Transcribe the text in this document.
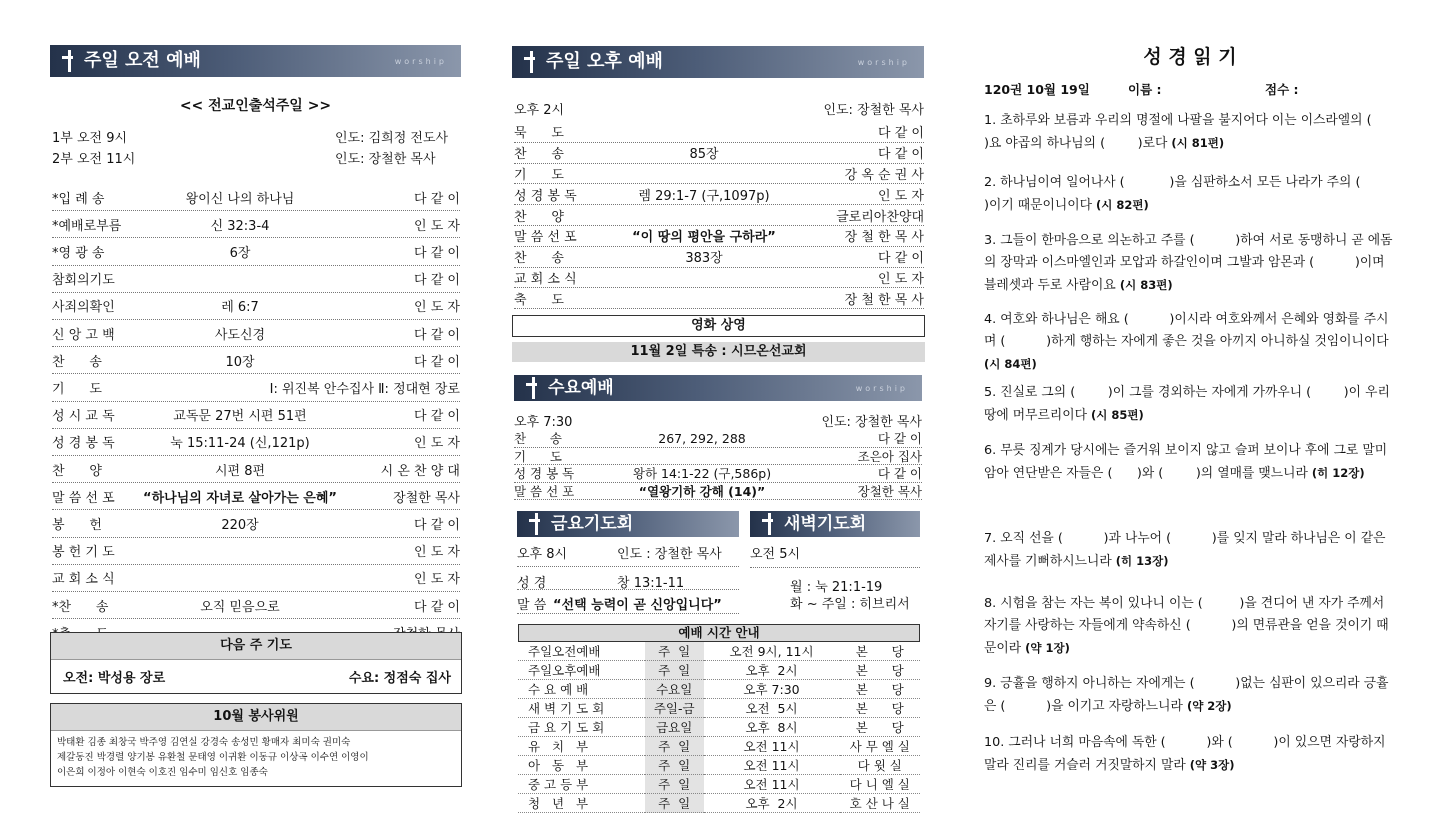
주일 오전 예배	worship
<< 전교인출석주일 >>
1부 오전 9시	인도: 김희정 전도사
2부 오전 11시	인도: 장철한 목사
*입 례 송	왕이신 나의 하나님	다 같 이
*예배로부름	신 32:3-4	인 도 자
*영 광 송	6장	다 같 이
참회의기도	다 같 이
사죄의확인	레 6:7	인 도 자
신 앙 고 백	사도신경	다 같 이
찬      송	10장	다 같 이
기      도	Ⅰ: 위진복 안수집사 Ⅱ: 정대현 장로
성 시 교 독	교독문 27번 시편 51편	다 같 이
성 경 봉 독	눅 15:11-24 (신,121p)	인 도 자
찬      양	시편 8편	시 온 찬 양 대
말 씀 선 포	“하나님의 자녀로 살아가는 은혜”	장철한 목사
봉      헌	220장	다 같 이
봉 헌 기 도	인 도 자
교 회 소 식	인 도 자
*찬      송	오직 믿음으로	다 같 이
다음 주 기도
오전: 박성용 장로	수요: 정점숙 집사
10월 봉사위원
박태환 김종 최창국 박주영 김연실 강경숙 송성민 황매자 최미숙 권미숙
제갈동진 박경렬 양기봉 유환철 문태영 이귀환 이동규 이상곡 이수연 이영이
이은희 이정아 이현숙 이호진 임수미 임신호 임종숙
주일 오후 예배	worship
오후 2시	인도: 장철한 목사
묵      도	다 같 이
찬      송	85장	다 같 이
기      도	강 옥 순 권 사
성 경 봉 독	렘 29:1-7 (구,1097p)	인 도 자
찬      양	글로리아찬양대
말 씀 선 포	“이 땅의 평안을 구하라”	장 철 한 목 사
찬      송	383장	다 같 이
교 회 소 식	인 도 자
축      도	장 철 한 목 사
영화 상영
11월 2일 특송 : 시므온선교회
수요예배	worship
오후 7:30	인도: 장철한 목사
찬      송	267, 292, 288	다 같 이
기      도	조은아 집사
성 경 봉 독	왕하 14:1-22 (구,586p)	다 같 이
말 씀 선 포	“열왕기하 강해 (14)”	장철한 목사
금요기도회
오후 8시	인도 : 장철한 목사
성 경	창 13:1-11
말 씀 “선택 능력이 곧 신앙입니다”
새벽기도회
오전 5시
월 : 눅 21:1-19
화 ~ 주일 : 히브리서
예배 시간 안내
주일오전예배	주  일	오전 9시, 11시	본      당
주일오후예배	주  일	오후  2시	본      당
수 요 예 배	수요일	오후 7:30	본      당
새 벽 기 도 회	주일-금	오전  5시	본      당
금 요 기 도 회	금요일	오후  8시	본      당
유   치   부	주  일	오전 11시	사 무 엘 실
아   동   부	주  일	오전 11시	다 윗 실
중 고 등 부	주  일	오전 11시	다 니 엘 실
청   년   부	주  일	오후  2시	호 산 나 실
성 경 읽 기
120권 10월 19일	이름 :	점수 :
1. 초하루와 보름과 우리의 명절에 나팔을 불지어다 이는 이스라엘의 (        )요 야곱의 하나님의 (        )로다 (시 81편)
2. 하나님이여 일어나사 (           )을 심판하소서 모든 나라가 주의 (        )이기 때문이니이다 (시 82편)
3. 그들이 한마음으로 의논하고 주를 (          )하여 서로 동맹하니 곧 에돔의 장막과 이스마엘인과 모압과 하갈인이며 그발과 암몬과 (          )이며 블레셋과 두로 사람이요 (시 83편)
4. 여호와 하나님은 해요 (          )이시라 여호와께서 은혜와 영화를 주시며 (          )하게 행하는 자에게 좋은 것을 아끼지 아니하실 것임이니이다 (시 84편)
5. 진실로 그의 (        )이 그를 경외하는 자에게 가까우니 (        )이 우리 땅에 머무르리이다 (시 85편)
6. 무릇 징계가 당시에는 즐거워 보이지 않고 슬퍼 보이나 후에 그로 말미암아 연단받은 자들은 (      )와 (        )의 열매를 맺느니라 (히 12장)
7. 오직 선을 (          )과 나누어 (          )를 잊지 말라 하나님은 이 같은 제사를 기뻐하시느니라 (히 13장)
8. 시험을 참는 자는 복이 있나니 이는 (         )을 견디어 낸 자가 주께서 자기를 사랑하는 자들에게 약속하신 (          )의 면류관을 얻을 것이기 때문이라 (약 1장)
9. 긍휼을 행하지 아니하는 자에게는 (          )없는 심판이 있으리라 긍휼은 (          )을 이기고 자랑하느니라 (약 2장)
10. 그러나 너희 마음속에 독한 (          )와 (          )이 있으면 자랑하지 말라 진리를 거슬러 거짓말하지 말라 (약 3장)
